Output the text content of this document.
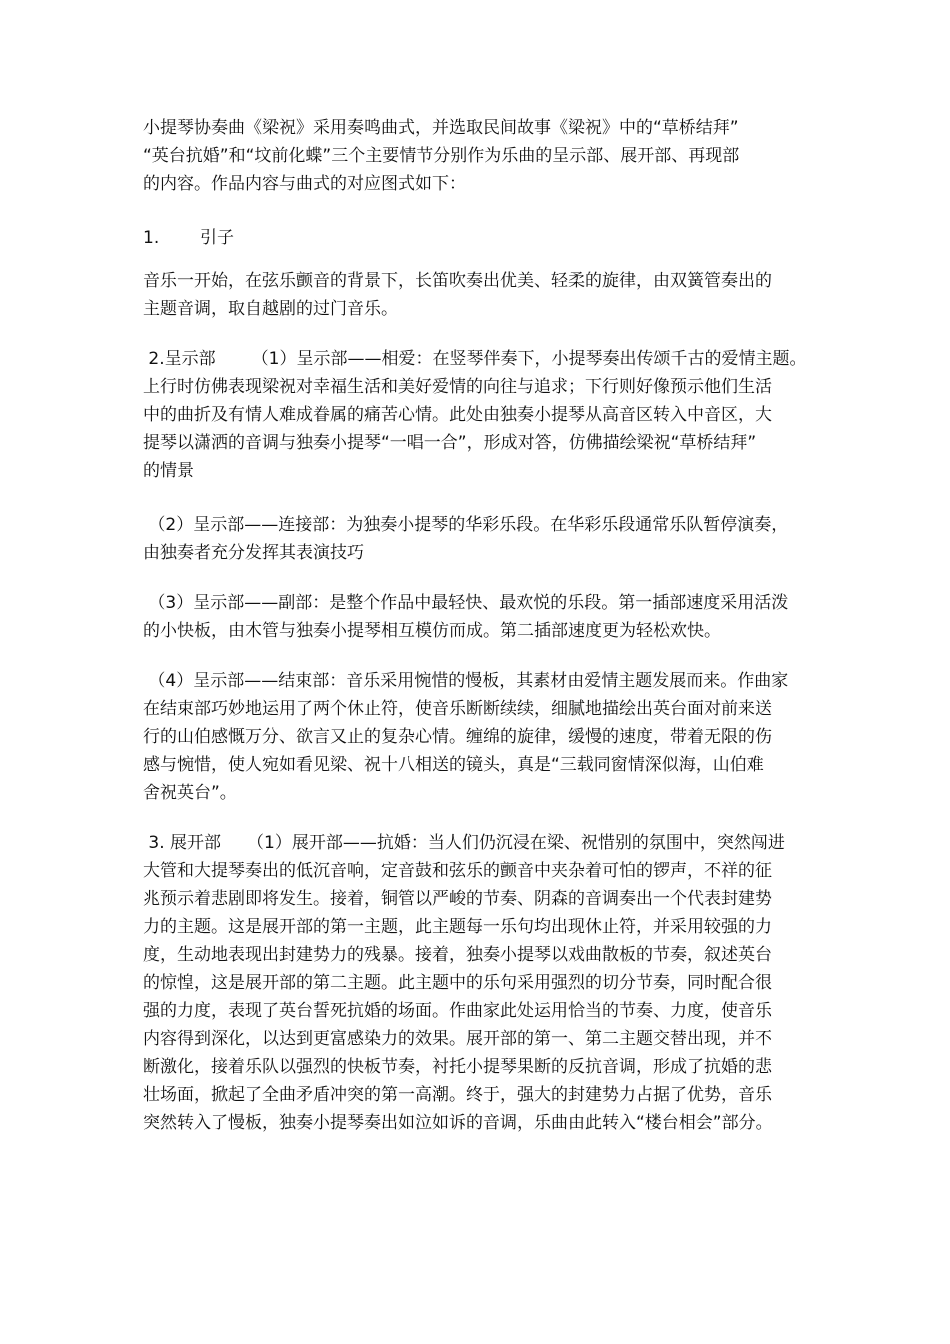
小提琴协奏曲《梁祝》采用奏鸣曲式，并选取民间故事《梁祝》中的“草桥结拜”
“英台抗婚”和“坟前化蝶”三个主要情节分别作为乐曲的呈示部、展开部、再现部
的内容。作品内容与曲式的对应图式如下：
1. 引子
音乐一开始，在弦乐颤音的背景下，长笛吹奏出优美、轻柔的旋律，由双簧管奏出的
主题音调，取自越剧的过门音乐。
2.呈示部 （1）呈示部——相爱：在竖琴伴奏下，小提琴奏出传颂千古的爱情主题。
上行时仿佛表现梁祝对幸福生活和美好爱情的向往与追求；下行则好像预示他们生活
中的曲折及有情人难成眷属的痛苦心情。此处由独奏小提琴从高音区转入中音区，大
提琴以潇洒的音调与独奏小提琴“一唱一合”，形成对答，仿佛描绘梁祝“草桥结拜”
的情景
（2）呈示部——连接部：为独奏小提琴的华彩乐段。在华彩乐段通常乐队暂停演奏，
由独奏者充分发挥其表演技巧
（3）呈示部——副部：是整个作品中最轻快、最欢悦的乐段。第一插部速度采用活泼
的小快板，由木管与独奏小提琴相互模仿而成。第二插部速度更为轻松欢快。
（4）呈示部——结束部：音乐采用惋惜的慢板，其素材由爱情主题发展而来。作曲家
在结束部巧妙地运用了两个休止符，使音乐断断续续，细腻地描绘出英台面对前来送
行的山伯感慨万分、欲言又止的复杂心情。缠绵的旋律，缓慢的速度，带着无限的伤
感与惋惜，使人宛如看见梁、祝十八相送的镜头，真是“三载同窗情深似海，山伯难
舍祝英台”。
3. 展开部 （1）展开部——抗婚：当人们仍沉浸在梁、祝惜别的氛围中，突然闯进
大管和大提琴奏出的低沉音响，定音鼓和弦乐的颤音中夹杂着可怕的锣声，不祥的征
兆预示着悲剧即将发生。接着，铜管以严峻的节奏、阴森的音调奏出一个代表封建势
力的主题。这是展开部的第一主题，此主题每一乐句均出现休止符，并采用较强的力
度，生动地表现出封建势力的残暴。接着，独奏小提琴以戏曲散板的节奏，叙述英台
的惊惶，这是展开部的第二主题。此主题中的乐句采用强烈的切分节奏，同时配合很
强的力度，表现了英台誓死抗婚的场面。作曲家此处运用恰当的节奏、力度，使音乐
内容得到深化，以达到更富感染力的效果。展开部的第一、第二主题交替出现，并不
断激化，接着乐队以强烈的快板节奏，衬托小提琴果断的反抗音调，形成了抗婚的悲
壮场面，掀起了全曲矛盾冲突的第一高潮。终于，强大的封建势力占据了优势，音乐
突然转入了慢板，独奏小提琴奏出如泣如诉的音调，乐曲由此转入“楼台相会”部分。
